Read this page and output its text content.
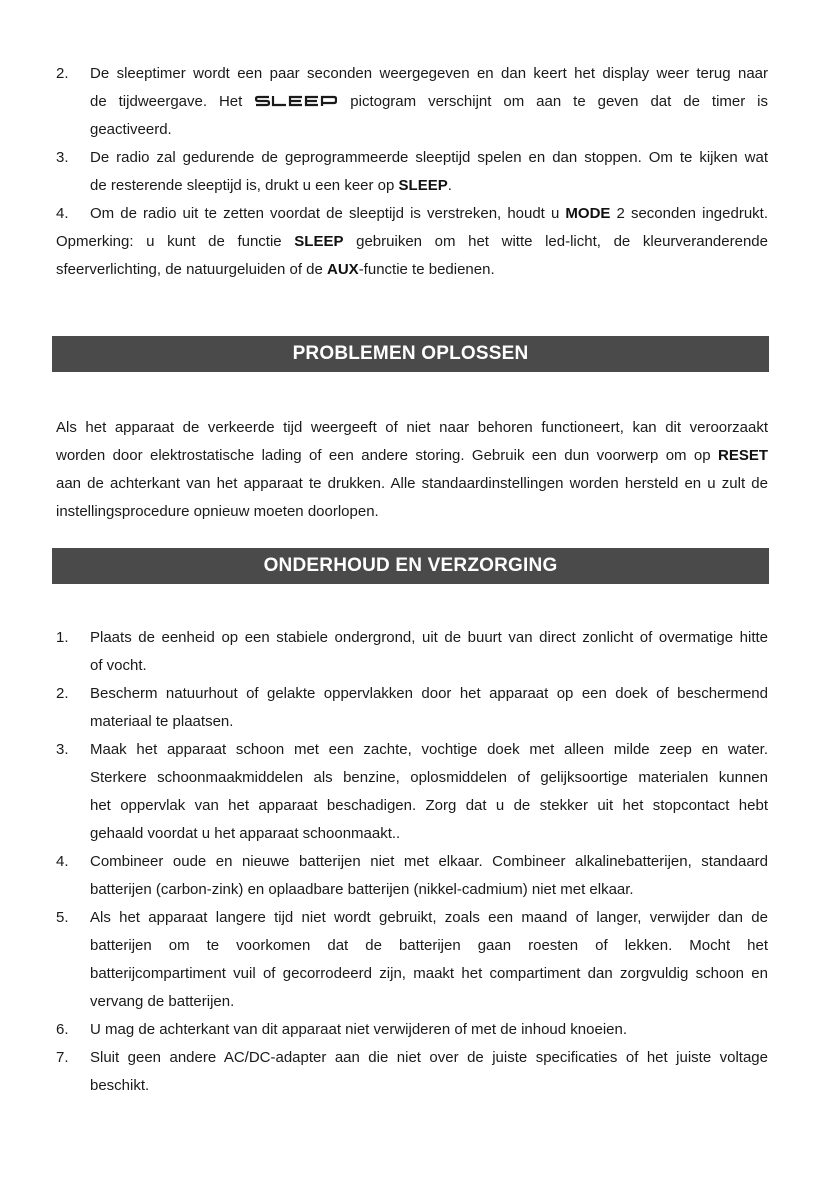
2. De sleeptimer wordt een paar seconden weergegeven en dan keert het display weer terug naar
de tijdweergave. Het	pictogram verschijnt om aan te geven dat de timer is
geactiveerd.
3. De radio zal gedurende de geprogrammeerde sleeptijd spelen en dan stoppen. Om te kijken wat
de resterende sleeptijd is, drukt u een keer op SLEEP.
4. Om de radio uit te zetten voordat de sleeptijd is verstreken, houdt u MODE 2 seconden ingedrukt.
Opmerking: u kunt de functie SLEEP gebruiken om het witte led-licht, de kleurveranderende
sfeerverlichting, de natuurgeluiden of de AUX-functie te bedienen.
PROBLEMEN OPLOSSEN
Als het apparaat de verkeerde tijd weergeeft of niet naar behoren functioneert, kan dit veroorzaakt
worden door elektrostatische lading of een andere storing. Gebruik een dun voorwerp om op RESET
aan de achterkant van het apparaat te drukken. Alle standaardinstellingen worden hersteld en u zult de
instellingsprocedure opnieuw moeten doorlopen.
ONDERHOUD EN VERZORGING
1. Plaats de eenheid op een stabiele ondergrond, uit de buurt van direct zonlicht of overmatige hitte
of vocht.
2. Bescherm natuurhout of gelakte oppervlakken door het apparaat op een doek of beschermend
materiaal te plaatsen.
3. Maak het apparaat schoon met een zachte, vochtige doek met alleen milde zeep en water.
Sterkere schoonmaakmiddelen als benzine, oplosmiddelen of gelijksoortige materialen kunnen
het oppervlak van het apparaat beschadigen. Zorg dat u de stekker uit het stopcontact hebt
gehaald voordat u het apparaat schoonmaakt..
4. Combineer oude en nieuwe batterijen niet met elkaar. Combineer alkalinebatterijen, standaard
batterijen (carbon-zink) en oplaadbare batterijen (nikkel-cadmium) niet met elkaar.
5. Als het apparaat langere tijd niet wordt gebruikt, zoals een maand of langer, verwijder dan de
batterijen om te voorkomen dat de batterijen gaan roesten of lekken. Mocht het
batterijcompartiment vuil of gecorrodeerd zijn, maakt het compartiment dan zorgvuldig schoon en
vervang de batterijen.
6. U mag de achterkant van dit apparaat niet verwijderen of met de inhoud knoeien.
7. Sluit geen andere AC/DC-adapter aan die niet over de juiste specificaties of het juiste voltage
beschikt.
